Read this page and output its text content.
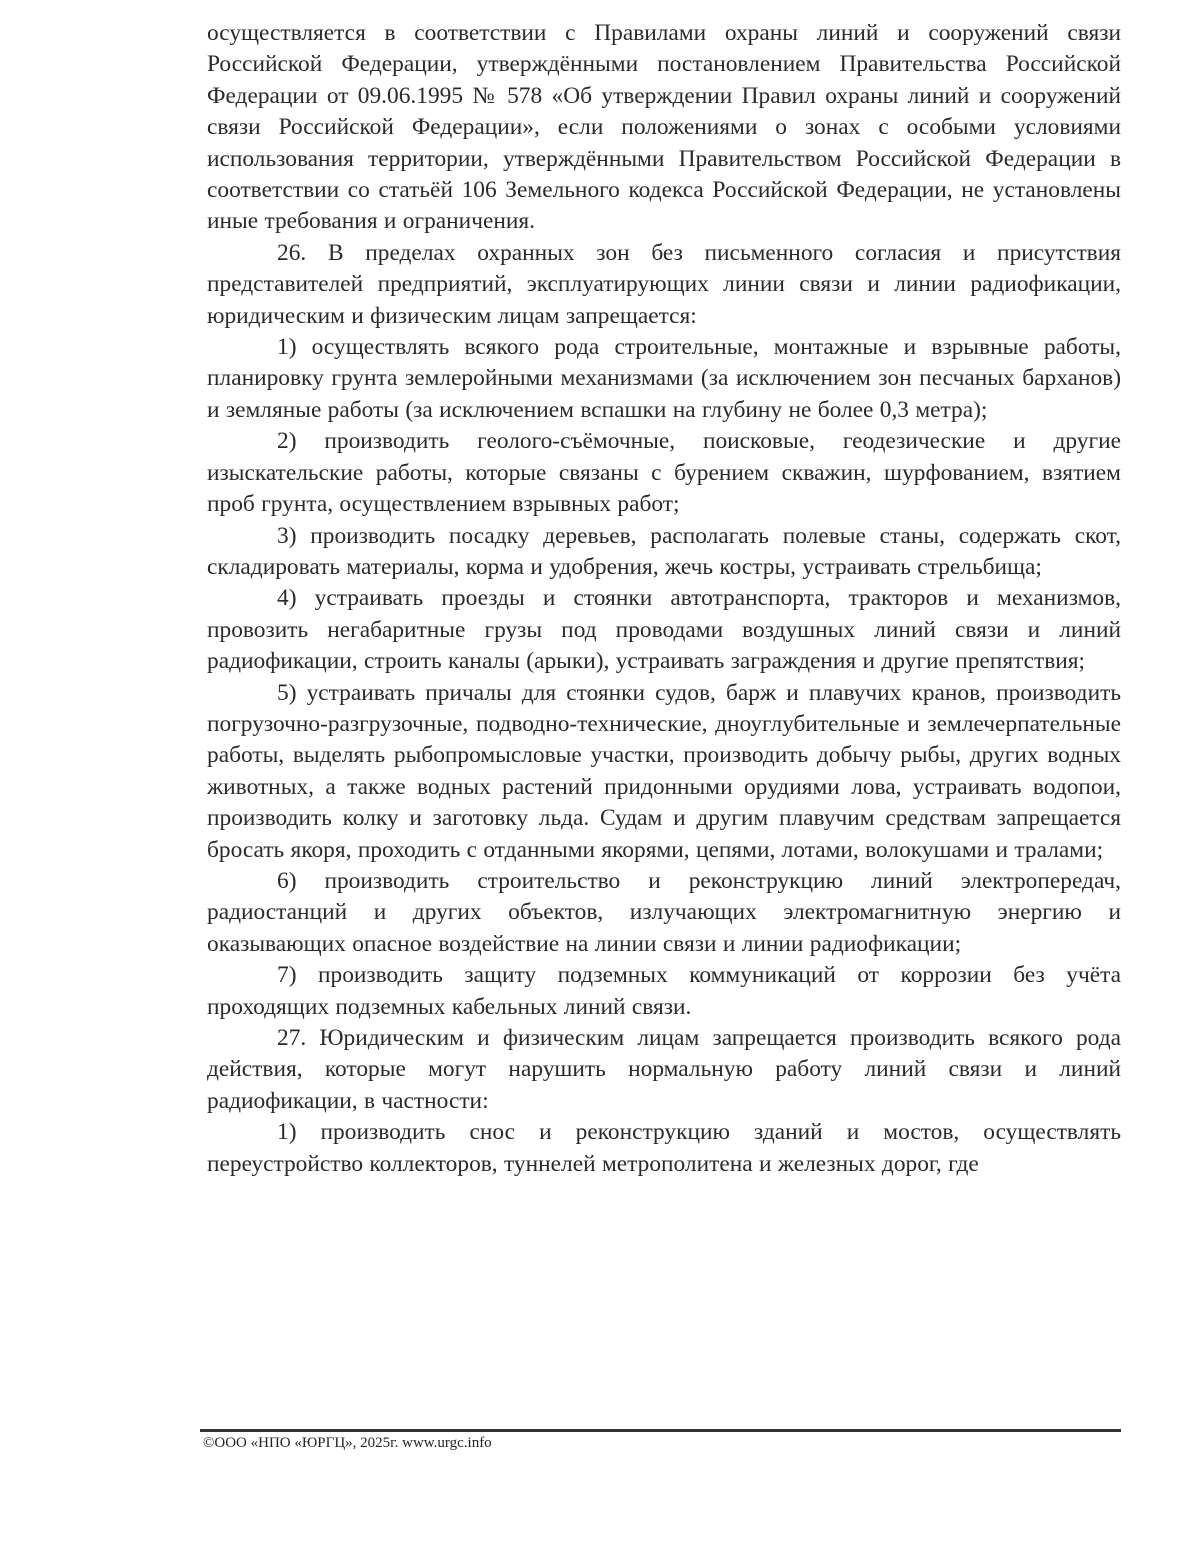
осуществляется в соответствии с Правилами охраны линий и сооружений связи Российской Федерации, утверждёнными постановлением Правительства Российской Федерации от 09.06.1995 № 578 «Об утверждении Правил охраны линий и сооружений связи Российской Федерации», если положениями о зонах с особыми условиями использования территории, утверждёнными Правительством Российской Федерации в соответствии со статьёй 106 Земельного кодекса Российской Федерации, не установлены иные требования и ограничения.

26. В пределах охранных зон без письменного согласия и присутствия представителей предприятий, эксплуатирующих линии связи и линии радиофикации, юридическим и физическим лицам запрещается:

1) осуществлять всякого рода строительные, монтажные и взрывные работы, планировку грунта землеройными механизмами (за исключением зон песчаных барханов) и земляные работы (за исключением вспашки на глубину не более 0,3 метра);

2) производить геолого-съёмочные, поисковые, геодезические и другие изыскательские работы, которые связаны с бурением скважин, шурфованием, взятием проб грунта, осуществлением взрывных работ;

3) производить посадку деревьев, располагать полевые станы, содержать скот, складировать материалы, корма и удобрения, жечь костры, устраивать стрельбища;

4) устраивать проезды и стоянки автотранспорта, тракторов и механизмов, провозить негабаритные грузы под проводами воздушных линий связи и линий радиофикации, строить каналы (арыки), устраивать заграждения и другие препятствия;

5) устраивать причалы для стоянки судов, барж и плавучих кранов, производить погрузочно-разгрузочные, подводно-технические, дноуглубительные и землечерпательные работы, выделять рыбопромысловые участки, производить добычу рыбы, других водных животных, а также водных растений придонными орудиями лова, устраивать водопои, производить колку и заготовку льда. Судам и другим плавучим средствам запрещается бросать якоря, проходить с отданными якорями, цепями, лотами, волокушами и тралами;

6) производить строительство и реконструкцию линий электропередач, радиостанций и других объектов, излучающих электромагнитную энергию и оказывающих опасное воздействие на линии связи и линии радиофикации;

7) производить защиту подземных коммуникаций от коррозии без учёта проходящих подземных кабельных линий связи.

27. Юридическим и физическим лицам запрещается производить всякого рода действия, которые могут нарушить нормальную работу линий связи и линий радиофикации, в частности:

1) производить снос и реконструкцию зданий и мостов, осуществлять переустройство коллекторов, туннелей метрополитена и железных дорог, где

©ООО «НПО «ЮРГЦ», 2025г. www.urgc.info
